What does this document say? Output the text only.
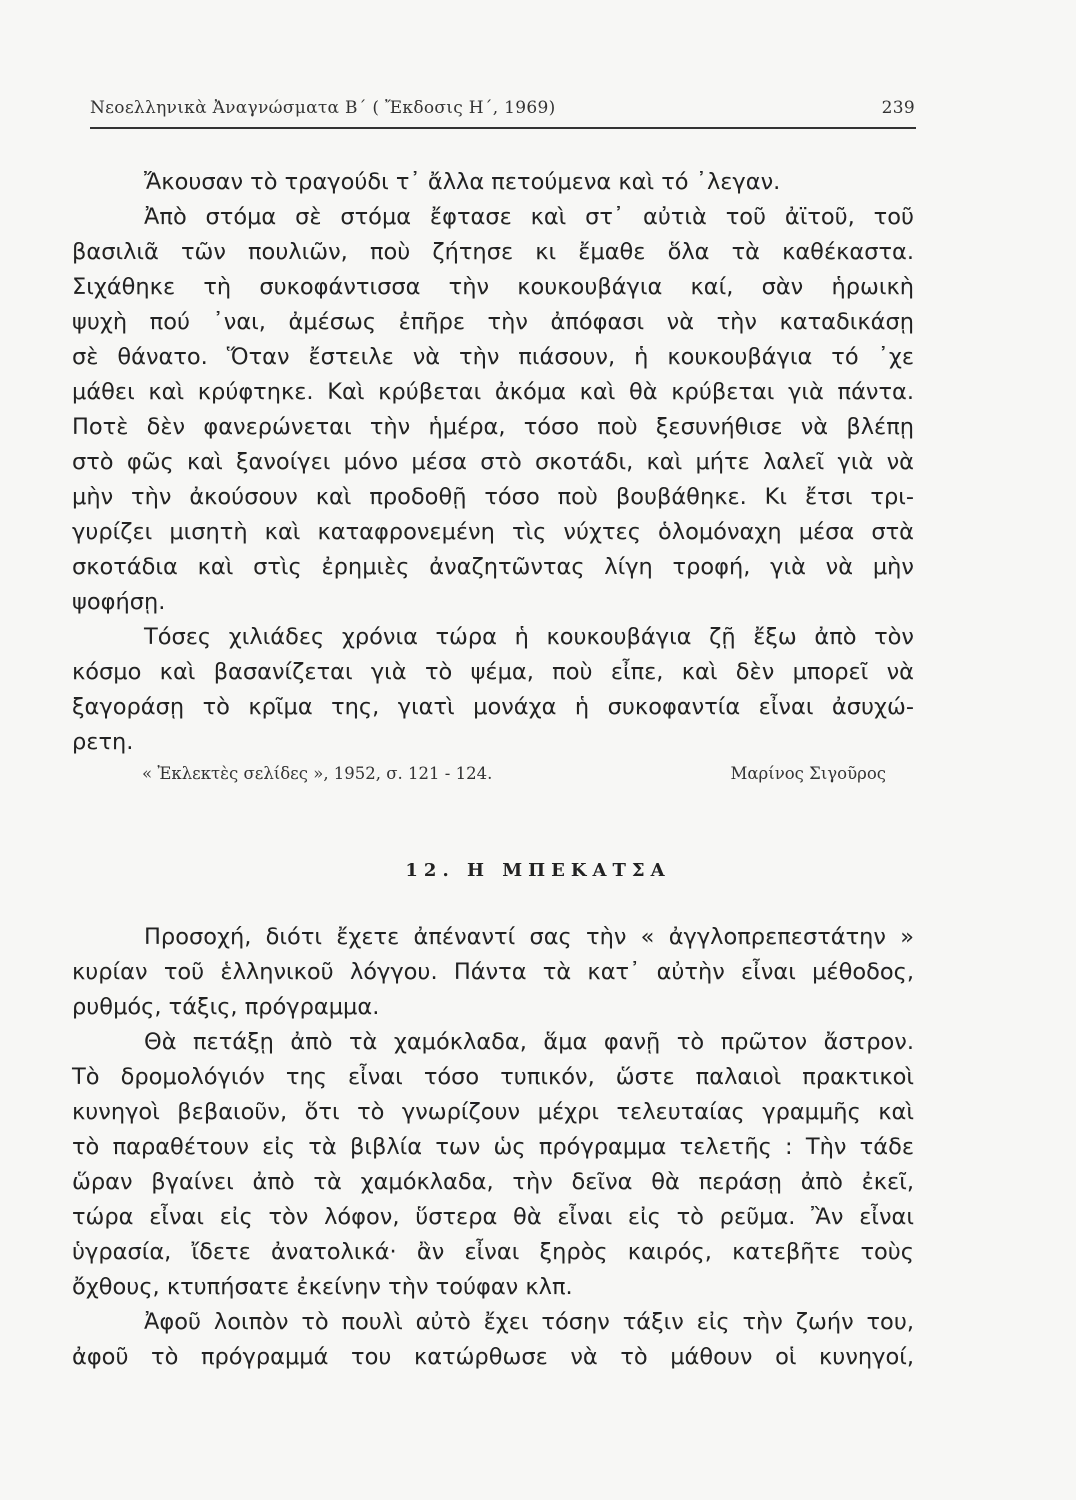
Νεοελληνικὰ Ἀναγνώσματα Β΄ ( Ἔκδοσις Η΄, 1969)	239
Ἄκουσαν τὸ τραγούδι τ᾽ ἄλλα πετούμενα καὶ τό ᾽λεγαν.
Ἀπὸ στόμα σὲ στόμα ἔφτασε καὶ στ᾽ αὐτιὰ τοῦ ἀϊτοῦ, τοῦ
βασιλιᾶ τῶν πουλιῶν, ποὺ ζήτησε κι ἔμαθε ὅλα τὰ καθέκαστα.
Σιχάθηκε τὴ συκοφάντισσα τὴν κουκουβάγια καί, σὰν ἡρωικὴ
ψυχὴ πού ᾽ναι, ἀμέσως ἐπῆρε τὴν ἀπόφασι νὰ τὴν καταδικάσῃ
σὲ θάνατο. Ὅταν ἔστειλε νὰ τὴν πιάσουν, ἡ κουκουβάγια τό ᾽χε
μάθει καὶ κρύφτηκε. Καὶ κρύβεται ἀκόμα καὶ θὰ κρύβεται γιὰ πάντα.
Ποτὲ δὲν φανερώνεται τὴν ἡμέρα, τόσο ποὺ ξεσυνήθισε νὰ βλέπῃ
στὸ φῶς καὶ ξανοίγει μόνο μέσα στὸ σκοτάδι, καὶ μήτε λαλεῖ γιὰ νὰ
μὴν τὴν ἀκούσουν καὶ προδοθῇ τόσο ποὺ βουβάθηκε. Κι ἔτσι τρι-
γυρίζει μισητὴ καὶ καταφρονεμένη τὶς νύχτες ὁλομόναχη μέσα στὰ
σκοτάδια καὶ στὶς ἐρημιὲς ἀναζητῶντας λίγη τροφή, γιὰ νὰ μὴν
ψοφήσῃ.
Τόσες χιλιάδες χρόνια τώρα ἡ κουκουβάγια ζῇ ἔξω ἀπὸ τὸν
κόσμο καὶ βασανίζεται γιὰ τὸ ψέμα, ποὺ εἶπε, καὶ δὲν μπορεῖ νὰ
ξαγοράσῃ τὸ κρῖμα της, γιατὶ μονάχα ἡ συκοφαντία εἶναι ἀσυχώ-
ρετη.
« Ἐκλεκτὲς σελίδες », 1952, σ. 121 - 124.	Μαρίνος Σιγοῦρος
12. Η ΜΠΕΚΑΤΣΑ
Προσοχή, διότι ἔχετε ἀπέναντί σας τὴν « ἀγγλοπρεπεστάτην »
κυρίαν τοῦ ἑλληνικοῦ λόγγου. Πάντα τὰ κατ᾽ αὐτὴν εἶναι μέθοδος,
ρυθμός, τάξις, πρόγραμμα.
Θὰ πετάξῃ ἀπὸ τὰ χαμόκλαδα, ἅμα φανῇ τὸ πρῶτον ἄστρον.
Τὸ δρομολόγιόν της εἶναι τόσο τυπικόν, ὥστε παλαιοὶ πρακτικοὶ
κυνηγοὶ βεβαιοῦν, ὅτι τὸ γνωρίζουν μέχρι τελευταίας γραμμῆς καὶ
τὸ παραθέτουν εἰς τὰ βιβλία των ὡς πρόγραμμα τελετῆς : Τὴν τάδε
ὥραν βγαίνει ἀπὸ τὰ χαμόκλαδα, τὴν δεῖνα θὰ περάσῃ ἀπὸ ἐκεῖ,
τώρα εἶναι εἰς τὸν λόφον, ὕστερα θὰ εἶναι εἰς τὸ ρεῦμα. Ἂν εἶναι
ὑγρασία, ἴδετε ἀνατολικά· ἂν εἶναι ξηρὸς καιρός, κατεβῆτε τοὺς
ὄχθους, κτυπήσατε ἐκείνην τὴν τούφαν κλπ.
Ἀφοῦ λοιπὸν τὸ πουλὶ αὐτὸ ἔχει τόσην τάξιν εἰς τὴν ζωήν του,
ἀφοῦ τὸ πρόγραμμά του κατώρθωσε νὰ τὸ μάθουν οἱ κυνηγοί,
